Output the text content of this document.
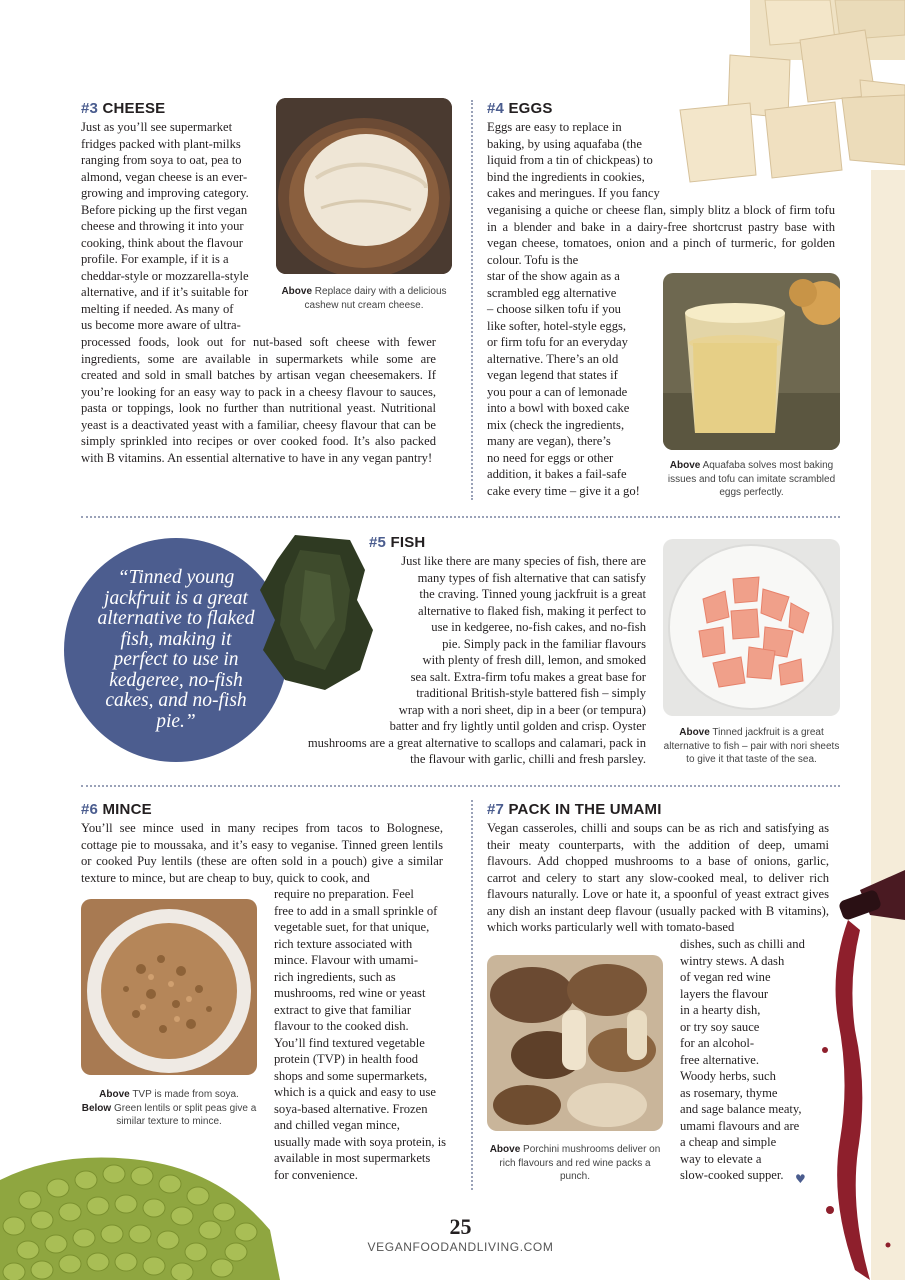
#3 CHEESE
Just as you’ll see supermarket
fridges packed with plant-milks
ranging from soya to oat, pea to
almond, vegan cheese is an ever-
growing and improving category.
Before picking up the first vegan
cheese and throwing it into your
cooking, think about the flavour
profile. For example, if it is a
cheddar-style or mozzarella-style
alternative, and if it’s suitable for
melting if needed. As many of
us become more aware of ultra-
processed foods, look out for nut-based soft cheese with fewer ingredients, some are available in supermarkets while some are created and sold in small batches by artisan vegan cheesemakers. If you’re looking for an easy way to pack in a cheesy flavour to sauces, pasta or toppings, look no further than nutritional yeast. Nutritional yeast is a deactivated yeast with a familiar, cheesy flavour that can be simply sprinkled into recipes or over cooked food. It’s also packed with B vitamins. An essential alternative to have in any vegan pantry!
Above Replace dairy with a delicious cashew nut cream cheese.
#4 EGGS
Eggs are easy to replace in
baking, by using aquafaba (the
liquid from a tin of chickpeas) to
bind the ingredients in cookies,
cakes and meringues. If you fancy
veganising a quiche or cheese flan, simply blitz a block of firm tofu in a blender and bake in a dairy-free shortcrust pastry base with vegan cheese, tomatoes, onion and a pinch of turmeric, for golden colour. Tofu is the
star of the show again as a
scrambled egg alternative
– choose silken tofu if you
like softer, hotel-style eggs,
or firm tofu for an everyday
alternative. There’s an old
vegan legend that states if
you pour a can of lemonade
into a bowl with boxed cake
mix (check the ingredients,
many are vegan), there’s
no need for eggs or other
addition, it bakes a fail-safe
cake every time – give it a go!
Above Aquafaba solves most baking issues and tofu can imitate scrambled eggs perfectly.
“Tinned young jackfruit is a great alternative to flaked fish, making it perfect to use in kedgeree, no-fish cakes, and no-fish pie.”
#5 FISH
Just like there are many species of fish, there are
many types of fish alternative that can satisfy
the craving. Tinned young jackfruit is a great
alternative to flaked fish, making it perfect to
use in kedgeree, no-fish cakes, and no-fish
pie. Simply pack in the familiar flavours
with plenty of fresh dill, lemon, and smoked
sea salt. Extra-firm tofu makes a great base for
traditional British-style battered fish – simply
wrap with a nori sheet, dip in a beer (or tempura)
batter and fry lightly until golden and crisp. Oyster
mushrooms are a great alternative to scallops and calamari, pack in
the flavour with garlic, chilli and fresh parsley.
Above Tinned jackfruit is a great alternative to fish – pair with nori sheets to give it that taste of the sea.
#6 MINCE
You’ll see mince used in many recipes from tacos to Bolognese, cottage pie to moussaka, and it’s easy to veganise. Tinned green lentils or cooked Puy lentils (these are often sold in a pouch) give a similar texture to mince, but are cheap to buy, quick to cook, and
require no preparation. Feel
free to add in a small sprinkle of
vegetable suet, for that unique,
rich texture associated with
mince. Flavour with umami-
rich ingredients, such as
mushrooms, red wine or yeast
extract to give that familiar
flavour to the cooked dish.
You’ll find textured vegetable
protein (TVP) in health food
shops and some supermarkets,
which is a quick and easy to use
soya-based alternative. Frozen
and chilled vegan mince,
usually made with soya protein, is
available in most supermarkets
for convenience.
Above TVP is made from soya.
Below Green lentils or split peas give a similar texture to mince.
#7 PACK IN THE UMAMI
Vegan casseroles, chilli and soups can be as rich and satisfying as their meaty counterparts, with the addition of deep, umami flavours. Add chopped mushrooms to a base of onions, garlic, carrot and celery to start any slow-cooked meal, to deliver rich flavours naturally. Love or hate it, a spoonful of yeast extract gives any dish an instant deep flavour (usually packed with B vitamins), which works particularly well with tomato-based
dishes, such as chilli and
wintry stews. A dash
of vegan red wine
layers the flavour
in a hearty dish,
or try soy sauce
for an alcohol-
free alternative.
Woody herbs, such
as rosemary, thyme
and sage balance meaty,
umami flavours and are
a cheap and simple
way to elevate a
slow-cooked supper. ♥
Above Porchini mushrooms deliver on rich flavours and red wine packs a punch.
25
VEGANFOODANDLIVING.COM
